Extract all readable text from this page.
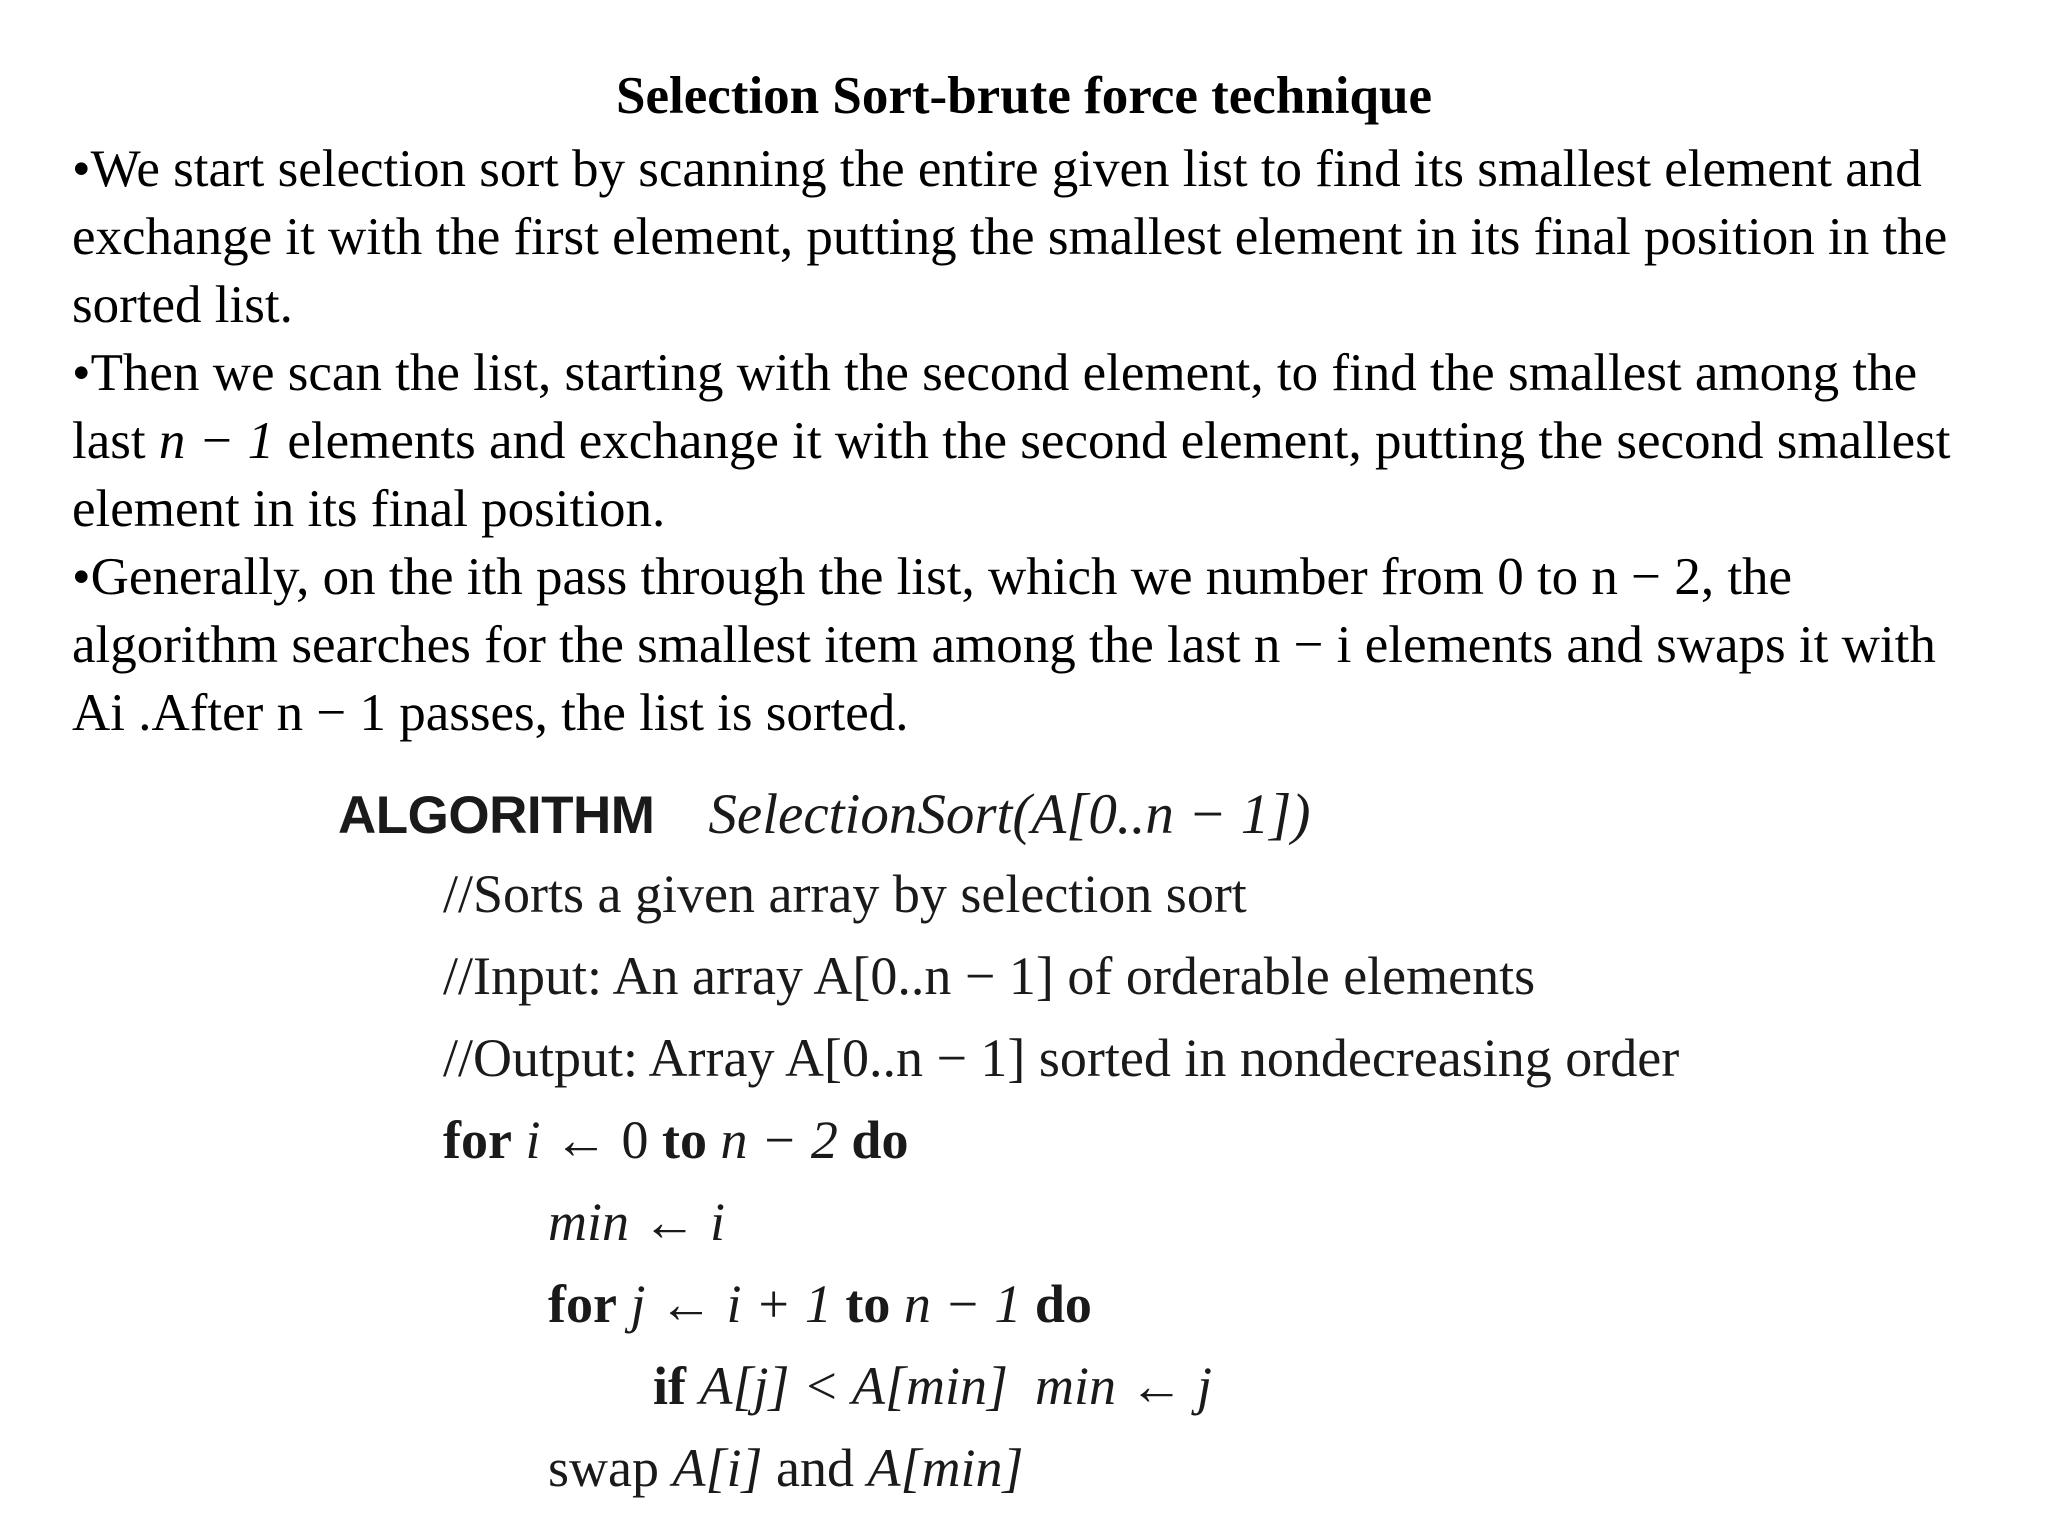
Selection Sort-brute force technique

•We start selection sort by scanning the entire given list to find its smallest element and exchange it with the first element, putting the smallest element in its final position in the sorted list.

•Then we scan the list, starting with the second element, to find the smallest among the last n − 1 elements and exchange it with the second element, putting the second smallest element in its final position.

•Generally, on the ith pass through the list, which we number from 0 to n − 2, the algorithm searches for the smallest item among the last n − i elements and swaps it with Ai .After n − 1 passes, the list is sorted.

ALGORITHM SelectionSort(A[0..n − 1])
//Sorts a given array by selection sort
//Input: An array A[0..n − 1] of orderable elements
//Output: Array A[0..n − 1] sorted in nondecreasing order
for i ← 0 to n − 2 do
min ← i
for j ← i + 1 to n − 1 do
if A[j] < A[min] min ← j
swap A[i] and A[min]
